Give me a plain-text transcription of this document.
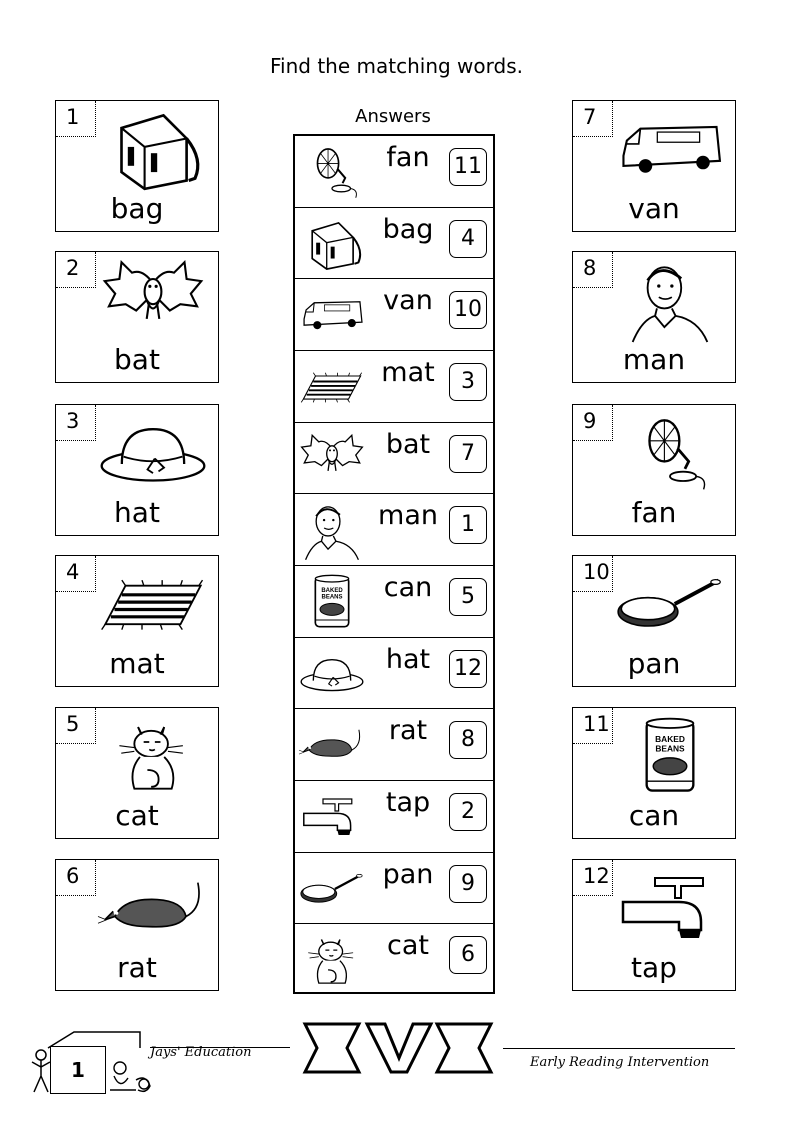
Find the matching words.
Answers
1
bag
2
bat
3
hat
4
mat
5
cat
6
rat
7
van
8
man
9
fan
10
pan
11
BAKED
BEANS
can
12
tap
fan	11
bag	4
van 10
mat	3
bat	7
man	1
BAKED
BEANS	can	5
hat	12
rat	8
tap	2
pan	9
cat	6
1
Jays' Education
Early Reading Intervention
